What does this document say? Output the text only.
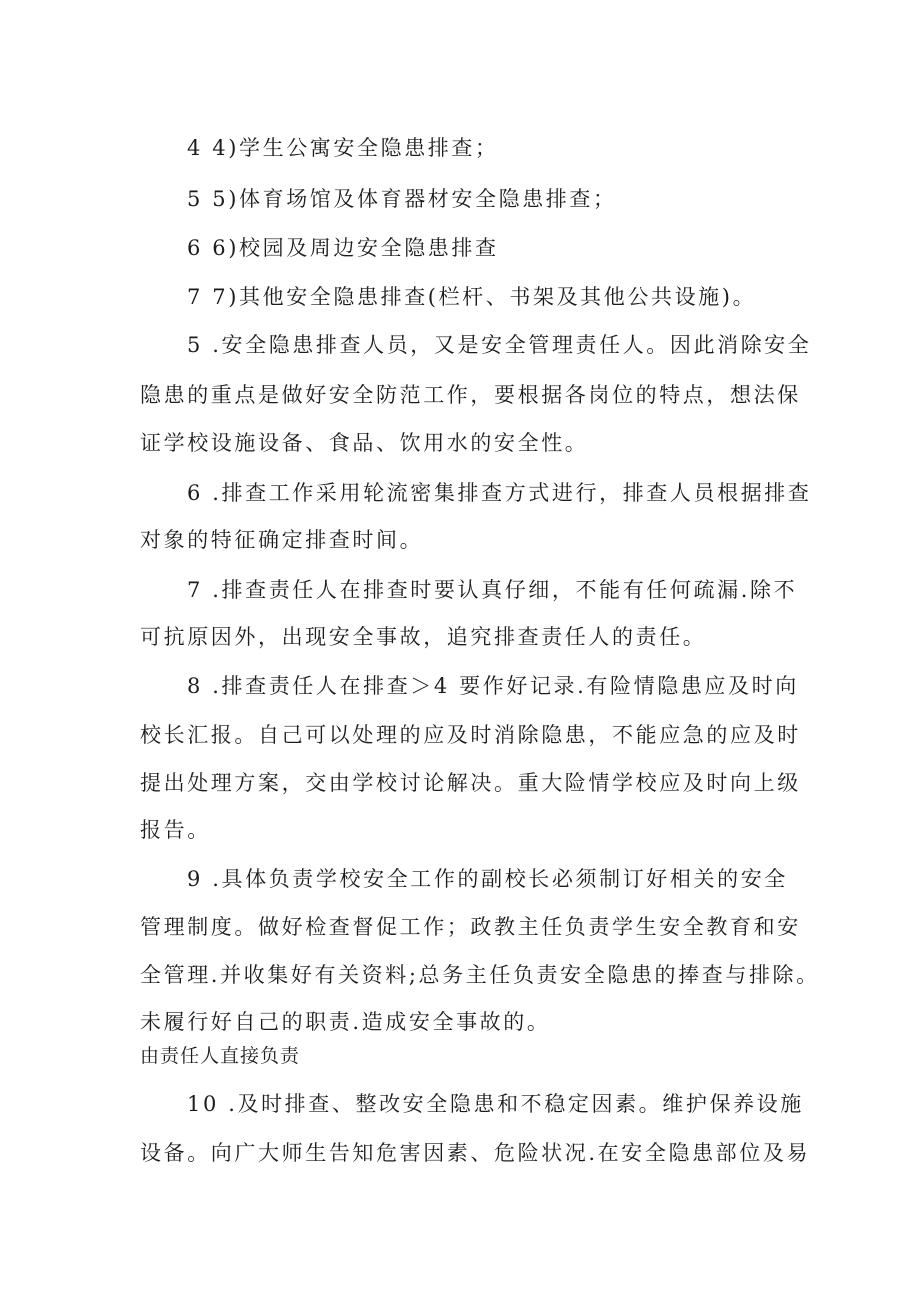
4 4)学生公寓安全隐患排查；
5 5)体育场馆及体育器材安全隐患排查；
6 6)校园及周边安全隐患排查
7 7)其他安全隐患排查(栏杆、书架及其他公共设施)。
5 .安全隐患排查人员，又是安全管理责任人。因此消除安全
隐患的重点是做好安全防范工作，要根据各岗位的特点，想法保
证学校设施设备、食品、饮用水的安全性。
6 .排查工作采用轮流密集排查方式进行，排查人员根据排查
对象的特征确定排查时间。
7 .排查责任人在排查时要认真仔细，不能有任何疏漏.除不
可抗原因外，出现安全事故，追究排查责任人的责任。
8 .排查责任人在排查＞4 要作好记录.有险情隐患应及时向
校长汇报。自己可以处理的应及时消除隐患，不能应急的应及时
提出处理方案，交由学校讨论解决。重大险情学校应及时向上级
报告。
9 .具体负责学校安全工作的副校长必须制订好相关的安全
管理制度。做好检查督促工作；政教主任负责学生安全教育和安
全管理.并收集好有关资料;总务主任负责安全隐患的捧查与排除。
未履行好自己的职责.造成安全事故的。
由责任人直接负责
10 .及时排查、整改安全隐患和不稳定因素。维护保养设施
设备。向广大师生告知危害因素、危险状况.在安全隐患部位及易
